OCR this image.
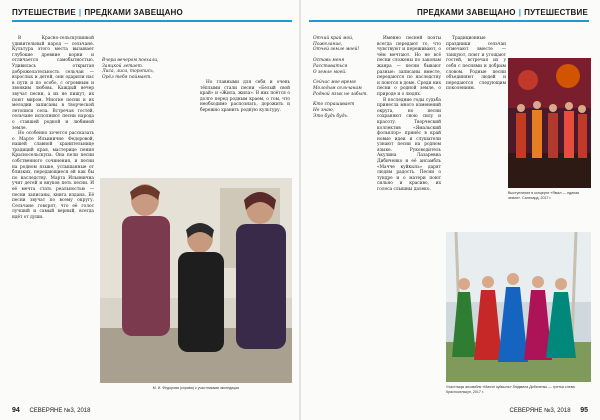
ПУТЕШЕСТВИЕ | ПРЕДКАМИ ЗАВЕЩАНО

В Красно-сельскупинкой удивительный народ — сельчане. Культура этого места вызывает глубокие древние корни и отличается самобытностью. Удивилась открытая доброжелательность сельчан — взрослых и детей, они одарили нас в пути и по особо, с огромным и звонким любовь. Каждый вечер звучат песни, а их не пишут, их поют миром. Многие песни и их мелодии записаны в творческой летописи села. Встречая гостей, сельчане исполняют песни народа о ставшей родной и любимой земле.

Но особенно хочется рассказать о Марте Ильиничне Федоровой, нашей славной хранительнице традиций края, мастерице пения Красносельскупа. Она пели песни собственного сочинения, и песни на родном языке, услышанные от близких, передающиеся ей как бы по наследству. Марта Ильинична учит детей и внуков петь песни. И её мечта стать реальностью — песни записаны, книга издана. Её песни звучат по всему округу. Сельчане говорят, что её голос лучший и самый верный, всегда идёт от души.

Вчера вечером поехали,
Заяцкой летает.
Лиса, лиса, торопись,
Орёл тебя поймает.

Но главными для себя и очень тёплыми стали песни «Белый свой край» и «Жила, жила». В них поётся о долге перед родным краем, о том, что необходимо распознать, дорожить и бережно хранить родную культуру.

М. И. Федорова (справа) с участниками экспедиции
94 СЕВЕРЯНЕ №3, 2018
ПРЕДКАМИ ЗАВЕЩАНО | ПУТЕШЕСТВИЕ
Отчий край мой,
Пожелание,
Отчей земле моей!
Оставь меня
Расставаться
О земле моей.
Сейчас мое время
Молодым сельчанам
Родной язык не забыт.
Кто спрашивает
Не знаю,
Это будь будь.

Именно песней поэты всегда передают то, что чувствуют и переживают, о чём мечтают. Но не всё песни сложены по законам жанра — песни бывают разные: записаны вместе, передаются по наследству и поются в доме. Среди них песни о родной земле, о природе и о людях.

В последние годы судьба принесла много изменений округа, но песни сохраняют свою силу и красоту. Творческий коллектив «Ямальский фольклор» принёс в край новые идеи и слушатели узнают песни на родном языке. Руководитель Акулина Лазаревна Дибиченко и её ансамбль «Мачче куйкыль» дарят людям радость. Песни о тундре и о матери поют сильно и красиво, их голоса слышны далеко.

Традиционные праздники сельчан отмечают вместе — танцуют, поют и угощают гостей, встречая их у себя с песнями и добрым словом. Родные песни объединяют людей и передаются следующим поколениям.

Выступление в концерте «Ямал — единая земля». Салехард, 2017 г.
Участницы ансамбля «Мачче куйкыль» Людмила Дибиченко — третья слева. Красноселькуп, 2017 г.
СЕВЕРЯНЕ №3, 2018 95
